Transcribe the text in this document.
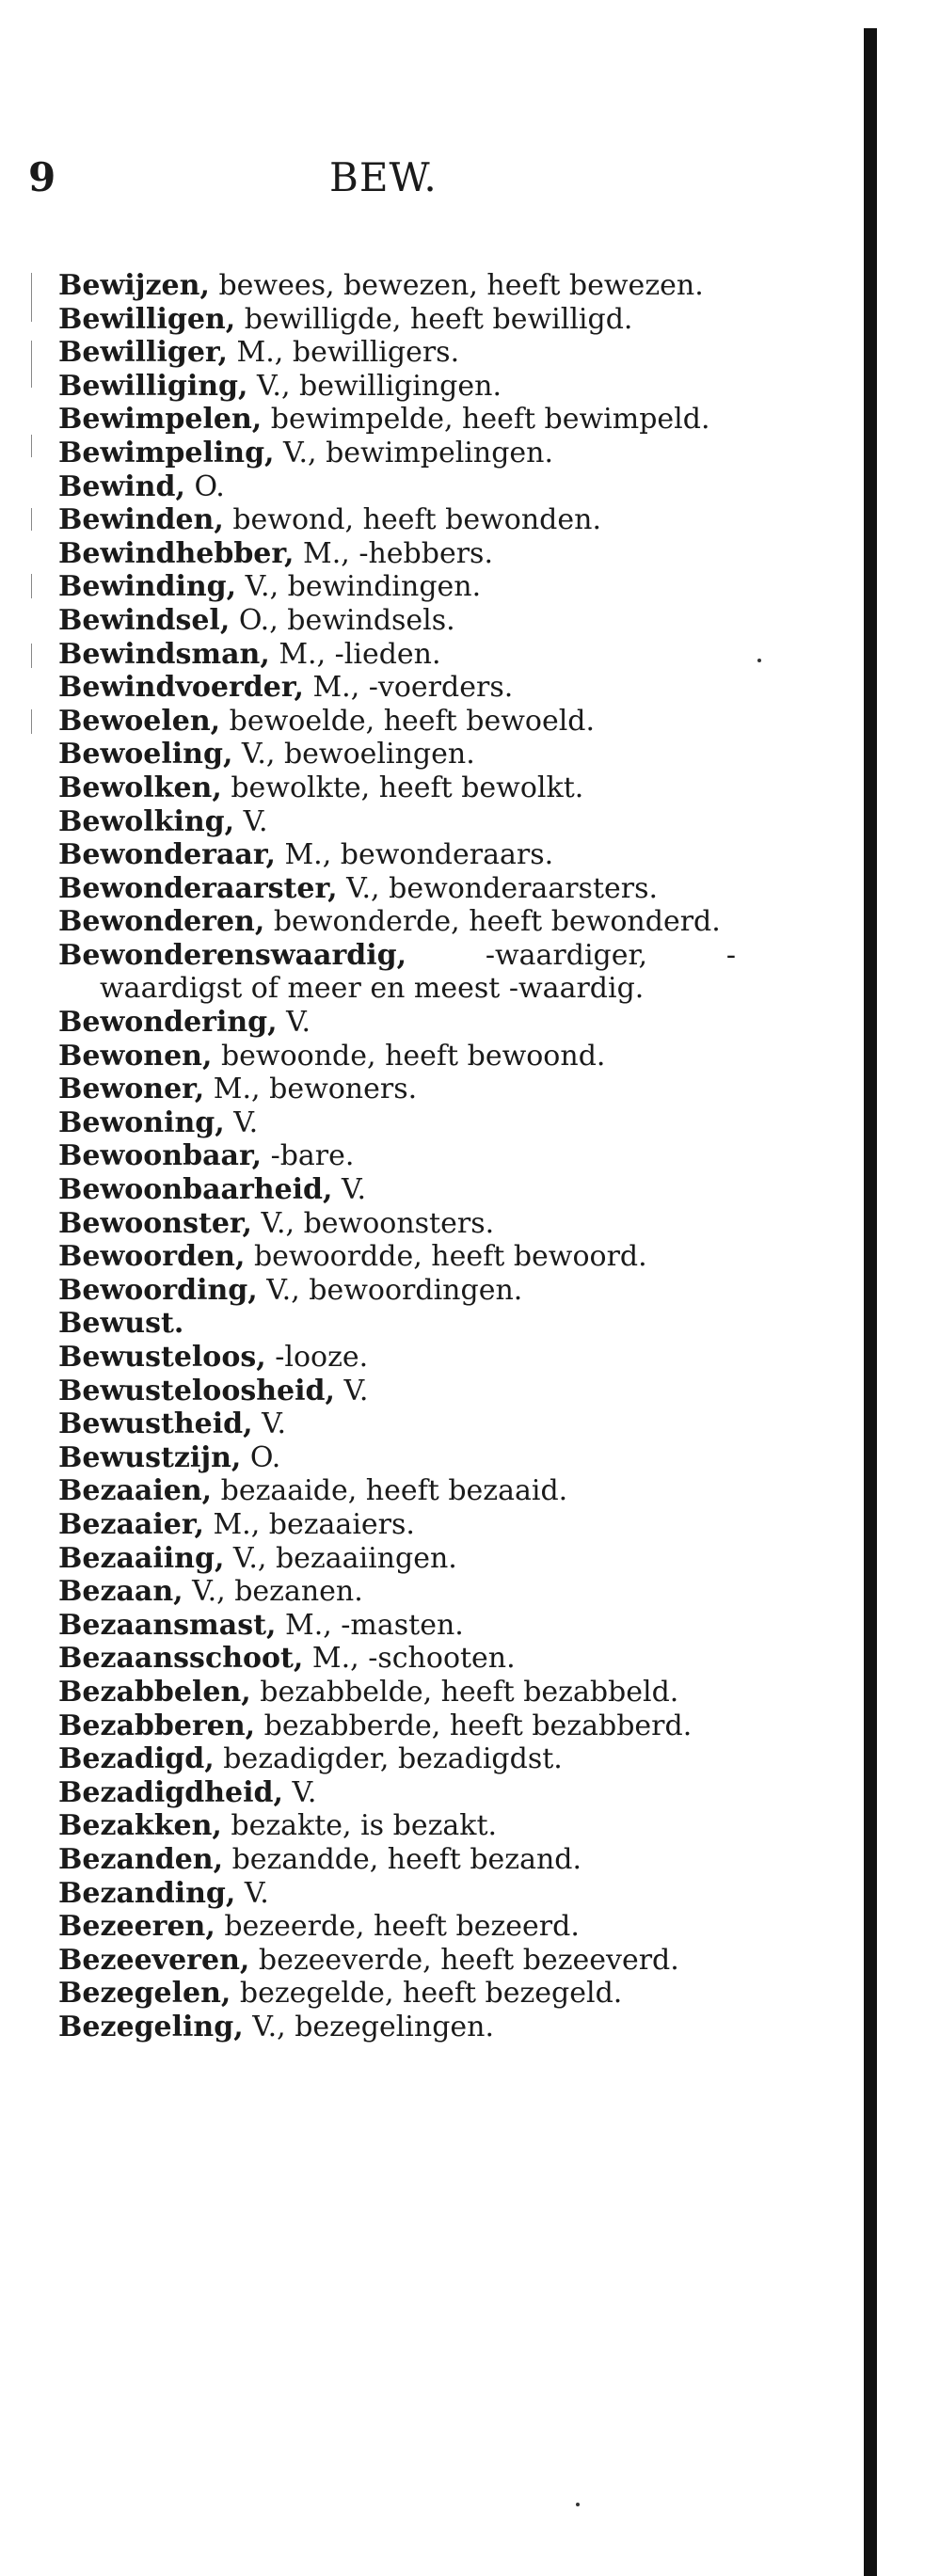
9	BEW.
Bewijzen, bewees, bewezen, heeft bewezen.
Bewilligen, bewilligde, heeft bewilligd.
Bewilliger, M., bewilligers.
Bewilliging, V., bewilligingen.
Bewimpelen, bewimpelde, heeft bewimpeld.
Bewimpeling, V., bewimpelingen.
Bewind, O.
Bewinden, bewond, heeft bewonden.
Bewindhebber, M., -hebbers.
Bewinding, V., bewindingen.
Bewindsel, O., bewindsels.
Bewindsman, M., -lieden.
Bewindvoerder, M., -voerders.
Bewoelen, bewoelde, heeft bewoeld.
Bewoeling, V., bewoelingen.
Bewolken, bewolkte, heeft bewolkt.
Bewolking, V.
Bewonderaar, M., bewonderaars.
Bewonderaarster, V., bewonderaarsters.
Bewonderen, bewonderde, heeft bewonderd.
Bewonderenswaardig, -waardiger, -waardigst of meer en meest -waardig.
Bewondering, V.
Bewonen, bewoonde, heeft bewoond.
Bewoner, M., bewoners.
Bewoning, V.
Bewoonbaar, -bare.
Bewoonbaarheid, V.
Bewoonster, V., bewoonsters.
Bewoorden, bewoordde, heeft bewoord.
Bewoording, V., bewoordingen.
Bewust.
Bewusteloos, -looze.
Bewusteloosheid, V.
Bewustheid, V.
Bewustzijn, O.
Bezaaien, bezaaide, heeft bezaaid.
Bezaaier, M., bezaaiers.
Bezaaiing, V., bezaaiingen.
Bezaan, V., bezanen.
Bezaansmast, M., -masten.
Bezaansschoot, M., -schooten.
Bezabbelen, bezabbelde, heeft bezabbeld.
Bezabberen, bezabberde, heeft bezabberd.
Bezadigd, bezadigder, bezadigdst.
Bezadigdheid, V.
Bezakken, bezakte, is bezakt.
Bezanden, bezandde, heeft bezand.
Bezanding, V.
Bezeeren, bezeerde, heeft bezeerd.
Bezeeveren, bezeeverde, heeft bezeeverd.
Bezegelen, bezegelde, heeft bezegeld.
Bezegeling, V., bezegelingen.
